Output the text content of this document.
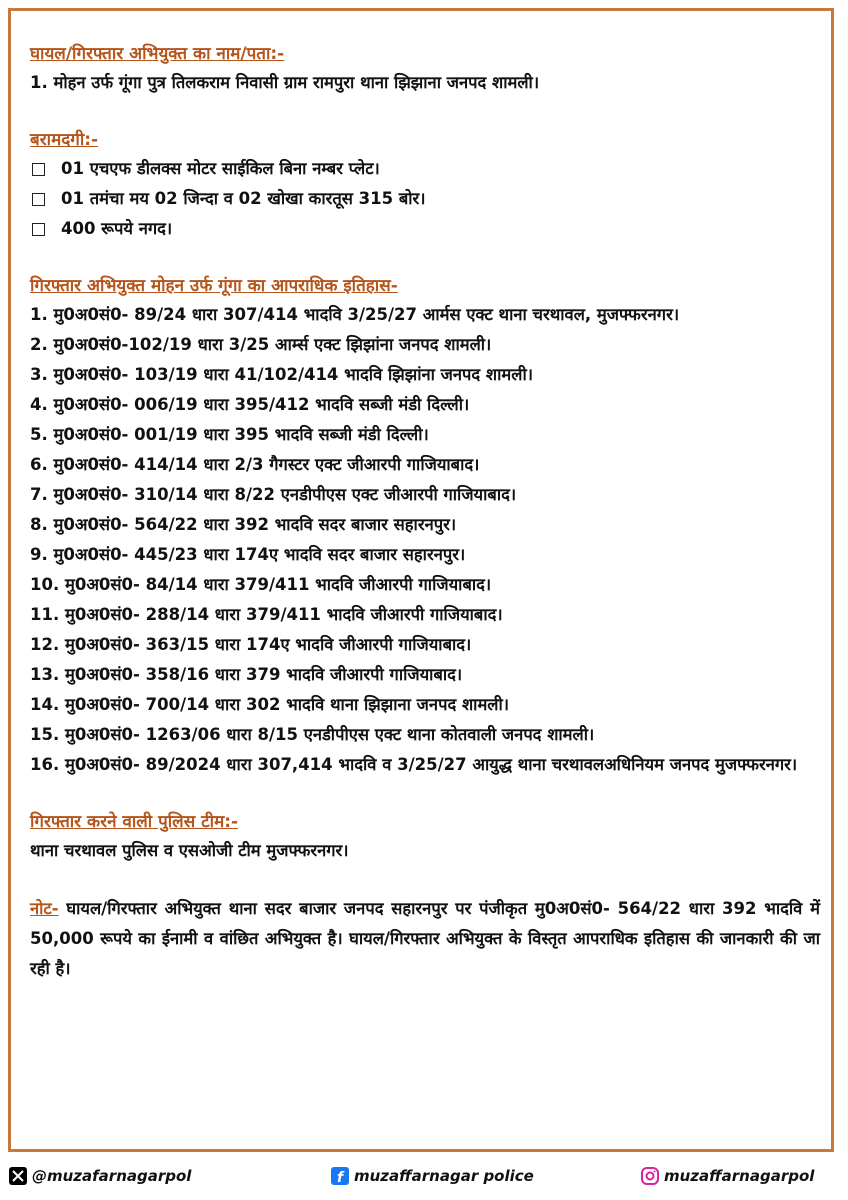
घायल/गिरफ्तार अभियुक्त का नाम/पता:-

1. मोहन उर्फ गूंगा पुत्र तिलकराम निवासी ग्राम रामपुरा थाना झिझाना जनपद शामली।

बरामदगी:-

01 एचएफ डीलक्स मोटर साईकिल बिना नम्बर प्लेट।
01 तमंचा मय 02 जिन्दा व 02 खोखा कारतूस 315 बोर।
400 रूपये नगद।

गिरफ्तार अभियुक्त मोहन उर्फ गूंगा का आपराधिक इतिहास-

1. मु0अ0सं0- 89/24 धारा 307/414 भादवि 3/25/27 आर्मस एक्ट थाना चरथावल, मुजफ्फरनगर।

2. मु0अ0सं0-102/19 धारा 3/25 आर्म्स एक्ट झिझांना जनपद शामली।

3. मु0अ0सं0- 103/19 धारा 41/102/414 भादवि झिझांना जनपद शामली।

4. मु0अ0सं0- 006/19 धारा 395/412 भादवि सब्जी मंडी दिल्ली।

5. मु0अ0सं0- 001/19 धारा 395 भादवि सब्जी मंडी दिल्ली।

6. मु0अ0सं0- 414/14 धारा 2/3 गैगस्टर एक्ट जीआरपी गाजियाबाद।

7. मु0अ0सं0- 310/14 धारा 8/22 एनडीपीएस एक्ट जीआरपी गाजियाबाद।

8. मु0अ0सं0- 564/22 धारा 392 भादवि सदर बाजार सहारनपुर।

9. मु0अ0सं0- 445/23 धारा 174ए भादवि सदर बाजार सहारनपुर।

10. मु0अ0सं0- 84/14 धारा 379/411 भादवि जीआरपी गाजियाबाद।

11. मु0अ0सं0- 288/14 धारा 379/411 भादवि जीआरपी गाजियाबाद।

12. मु0अ0सं0- 363/15 धारा 174ए भादवि जीआरपी गाजियाबाद।

13. मु0अ0सं0- 358/16 धारा 379 भादवि जीआरपी गाजियाबाद।

14. मु0अ0सं0- 700/14 धारा 302 भादवि थाना झिझाना जनपद शामली।

15. मु0अ0सं0- 1263/06 धारा 8/15 एनडीपीएस एक्ट थाना कोतवाली जनपद शामली।

16. मु0अ0सं0- 89/2024 धारा 307,414 भादवि व 3/25/27 आयुद्ध थाना चरथावलअधिनियम जनपद मुजफ्फरनगर।

गिरफ्तार करने वाली पुलिस टीम:-

थाना चरथावल पुलिस व एसओजी टीम मुजफ्फरनगर।

नोट- घायल/गिरफ्तार अभियुक्त थाना सदर बाजार जनपद सहारनपुर पर पंजीकृत मु0अ0सं0- 564/22 धारा 392 भादवि में 50,000 रूपये का ईनामी व वांछित अभियुक्त है। घायल/गिरफ्तार अभियुक्त के विस्तृत आपराधिक इतिहास की जानकारी की जा रही है।

@muzafarnagarpol	f muzaffarnagar police	muzaffarnagarpol
